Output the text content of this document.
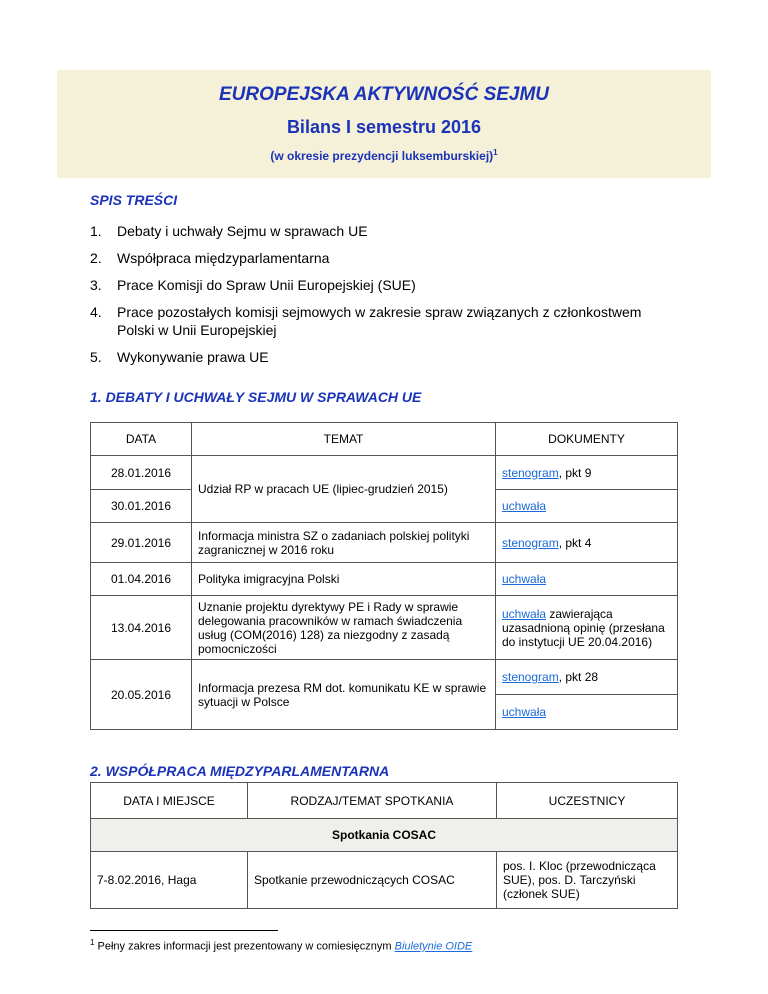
EUROPEJSKA AKTYWNOŚĆ SEJMU
Bilans I semestru 2016
(w okresie prezydencji luksemburskiej)$^1$
SPIS TREŚCI
1. Debaty i uchwały Sejmu w sprawach UE
2. Współpraca międzyparlamentarna
3. Prace Komisji do Spraw Unii Europejskiej (SUE)
4. Prace pozostałych komisji sejmowych w zakresie spraw związanych z członkostwem Polski w Unii Europejskiej
5. Wykonywanie prawa UE
1. DEBATY I UCHWAŁY SEJMU W SPRAWACH UE
DATA	TEMAT	DOKUMENTY
28.01.2016	Udział RP w pracach UE (lipiec-grudzień 2015)	stenogram, pkt 9
30.01.2016		uchwała
29.01.2016	Informacja ministra SZ o zadaniach polskiej polityki zagranicznej w 2016 roku	stenogram, pkt 4
01.04.2016	Polityka imigracyjna Polski	uchwała
13.04.2016	Uznanie projektu dyrektywy PE i Rady w sprawie delegowania pracowników w ramach świadczenia usług (COM(2016) 128) za niezgodny z zasadą pomocniczości	uchwała zawierająca uzasadnioną opinię (przesłana do instytucji UE 20.04.2016)
20.05.2016	Informacja prezesa RM dot. komunikatu KE w sprawie sytuacji w Polsce	stenogram, pkt 28
		uchwała
2. WSPÓŁPRACA MIĘDZYPARLAMENTARNA
DATA I MIEJSCE	RODZAJ/TEMAT SPOTKANIA	UCZESTNICY
Spotkania COSAC		
7-8.02.2016, Haga	Spotkanie przewodniczących COSAC	pos. I. Kloc (przewodnicząca SUE), pos. D. Tarczyński (członek SUE)
$^1$ Pełny zakres informacji jest prezentowany w comiesięcznym Biuletynie OIDE
